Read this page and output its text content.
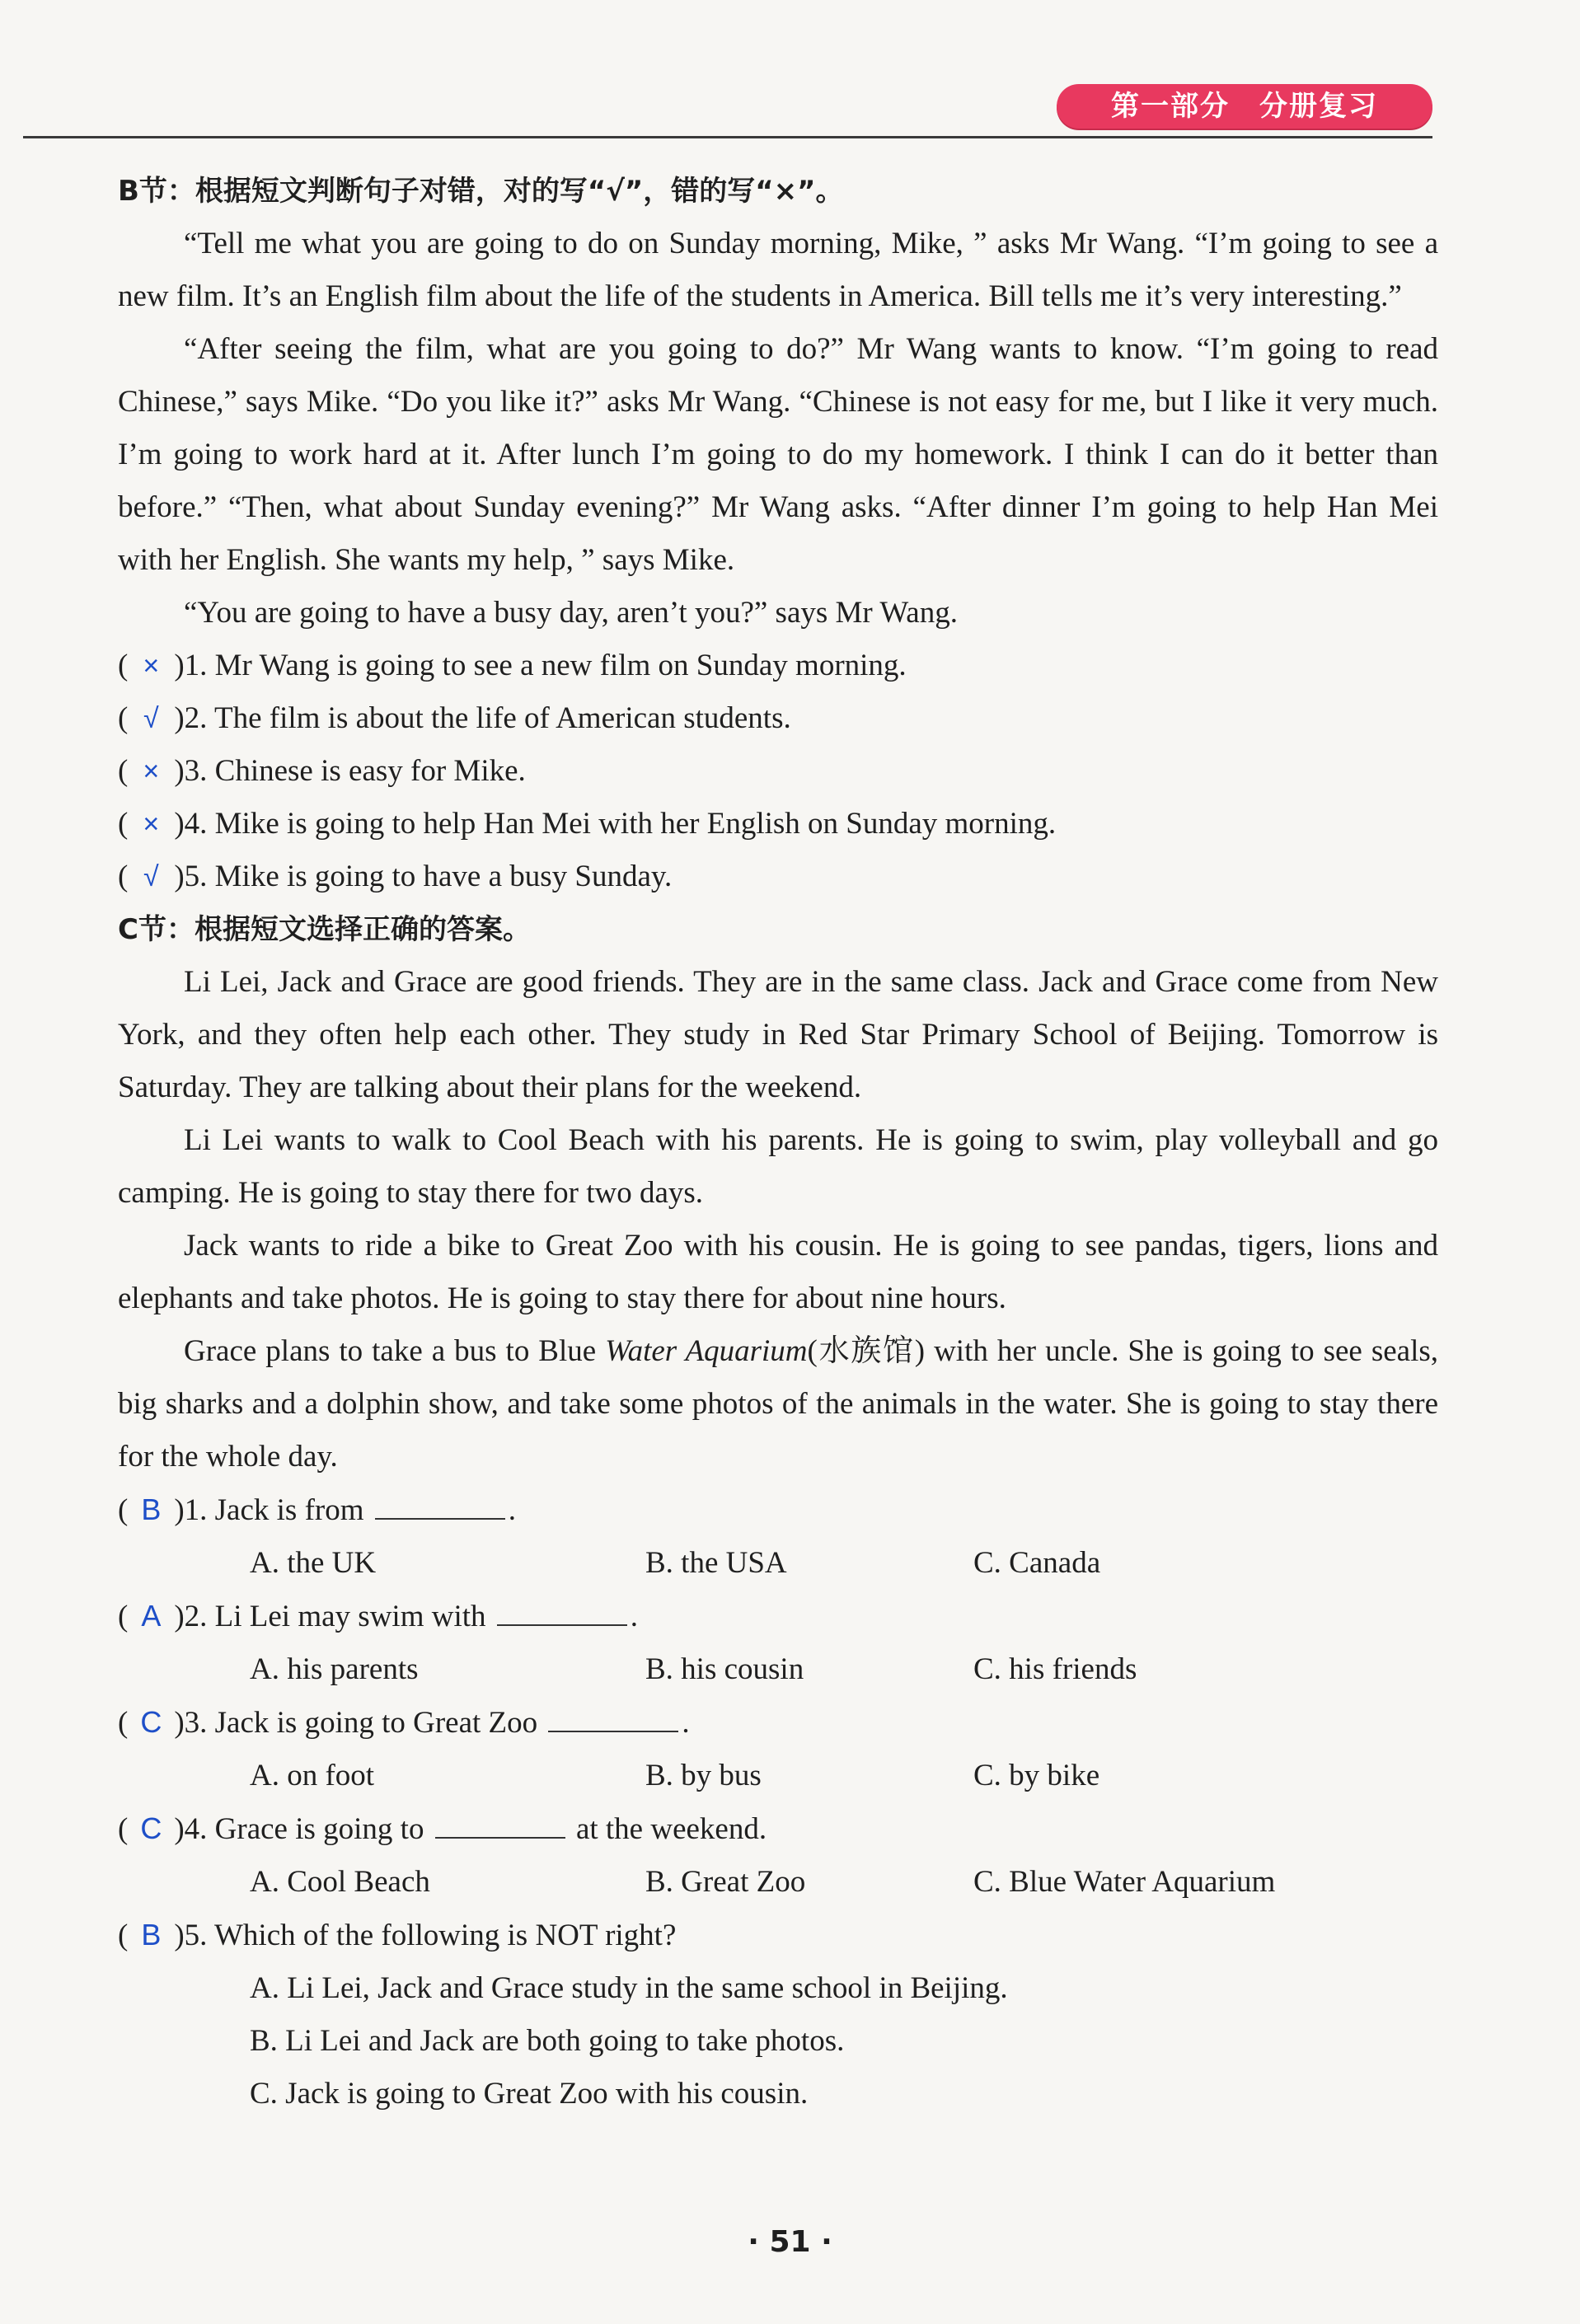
第一部分 分册复习

B节：根据短文判断句子对错，对的写“√”，错的写“×”。

“Tell me what you are going to do on Sunday morning, Mike, ” asks Mr Wang. “I’m going to see a new film. It’s an English film about the life of the students in America. Bill tells me it’s very interesting.”

“After seeing the film, what are you going to do?” Mr Wang wants to know. “I’m going to read Chinese,” says Mike. “Do you like it?” asks Mr Wang. “Chinese is not easy for me, but I like it very much. I’m going to work hard at it. After lunch I’m going to do my homework. I think I can do it better than before.” “Then, what about Sunday evening?” Mr Wang asks. “After dinner I’m going to help Han Mei with her English. She wants my help, ” says Mike.

“You are going to have a busy day, aren’t you?” says Mr Wang.

( × )1. Mr Wang is going to see a new film on Sunday morning.

( √ )2. The film is about the life of American students.

( × )3. Chinese is easy for Mike.

( × )4. Mike is going to help Han Mei with her English on Sunday morning.

( √ )5. Mike is going to have a busy Sunday.

C节：根据短文选择正确的答案。

Li Lei, Jack and Grace are good friends. They are in the same class. Jack and Grace come from New York, and they often help each other. They study in Red Star Primary School of Beijing. Tomorrow is Saturday. They are talking about their plans for the weekend.

Li Lei wants to walk to Cool Beach with his parents. He is going to swim, play volleyball and go camping. He is going to stay there for two days.

Jack wants to ride a bike to Great Zoo with his cousin. He is going to see pandas, tigers, lions and elephants and take photos. He is going to stay there for about nine hours.

Grace plans to take a bus to Blue Water Aquarium(水族馆) with her uncle. She is going to see seals, big sharks and a dolphin show, and take some photos of the animals in the water. She is going to stay there for the whole day.

( B )1. Jack is from	.

A. the UK	B. the USA	C. Canada

( A )2. Li Lei may swim with	.

A. his parents	B. his cousin	C. his friends

( C )3. Jack is going to Great Zoo	.

A. on foot	B. by bus	C. by bike

( C )4. Grace is going to	at the weekend.

A. Cool Beach	B. Great Zoo	C. Blue Water Aquarium

( B )5. Which of the following is NOT right?

A. Li Lei, Jack and Grace study in the same school in Beijing.

B. Li Lei and Jack are both going to take photos.

C. Jack is going to Great Zoo with his cousin.

· 51 ·
